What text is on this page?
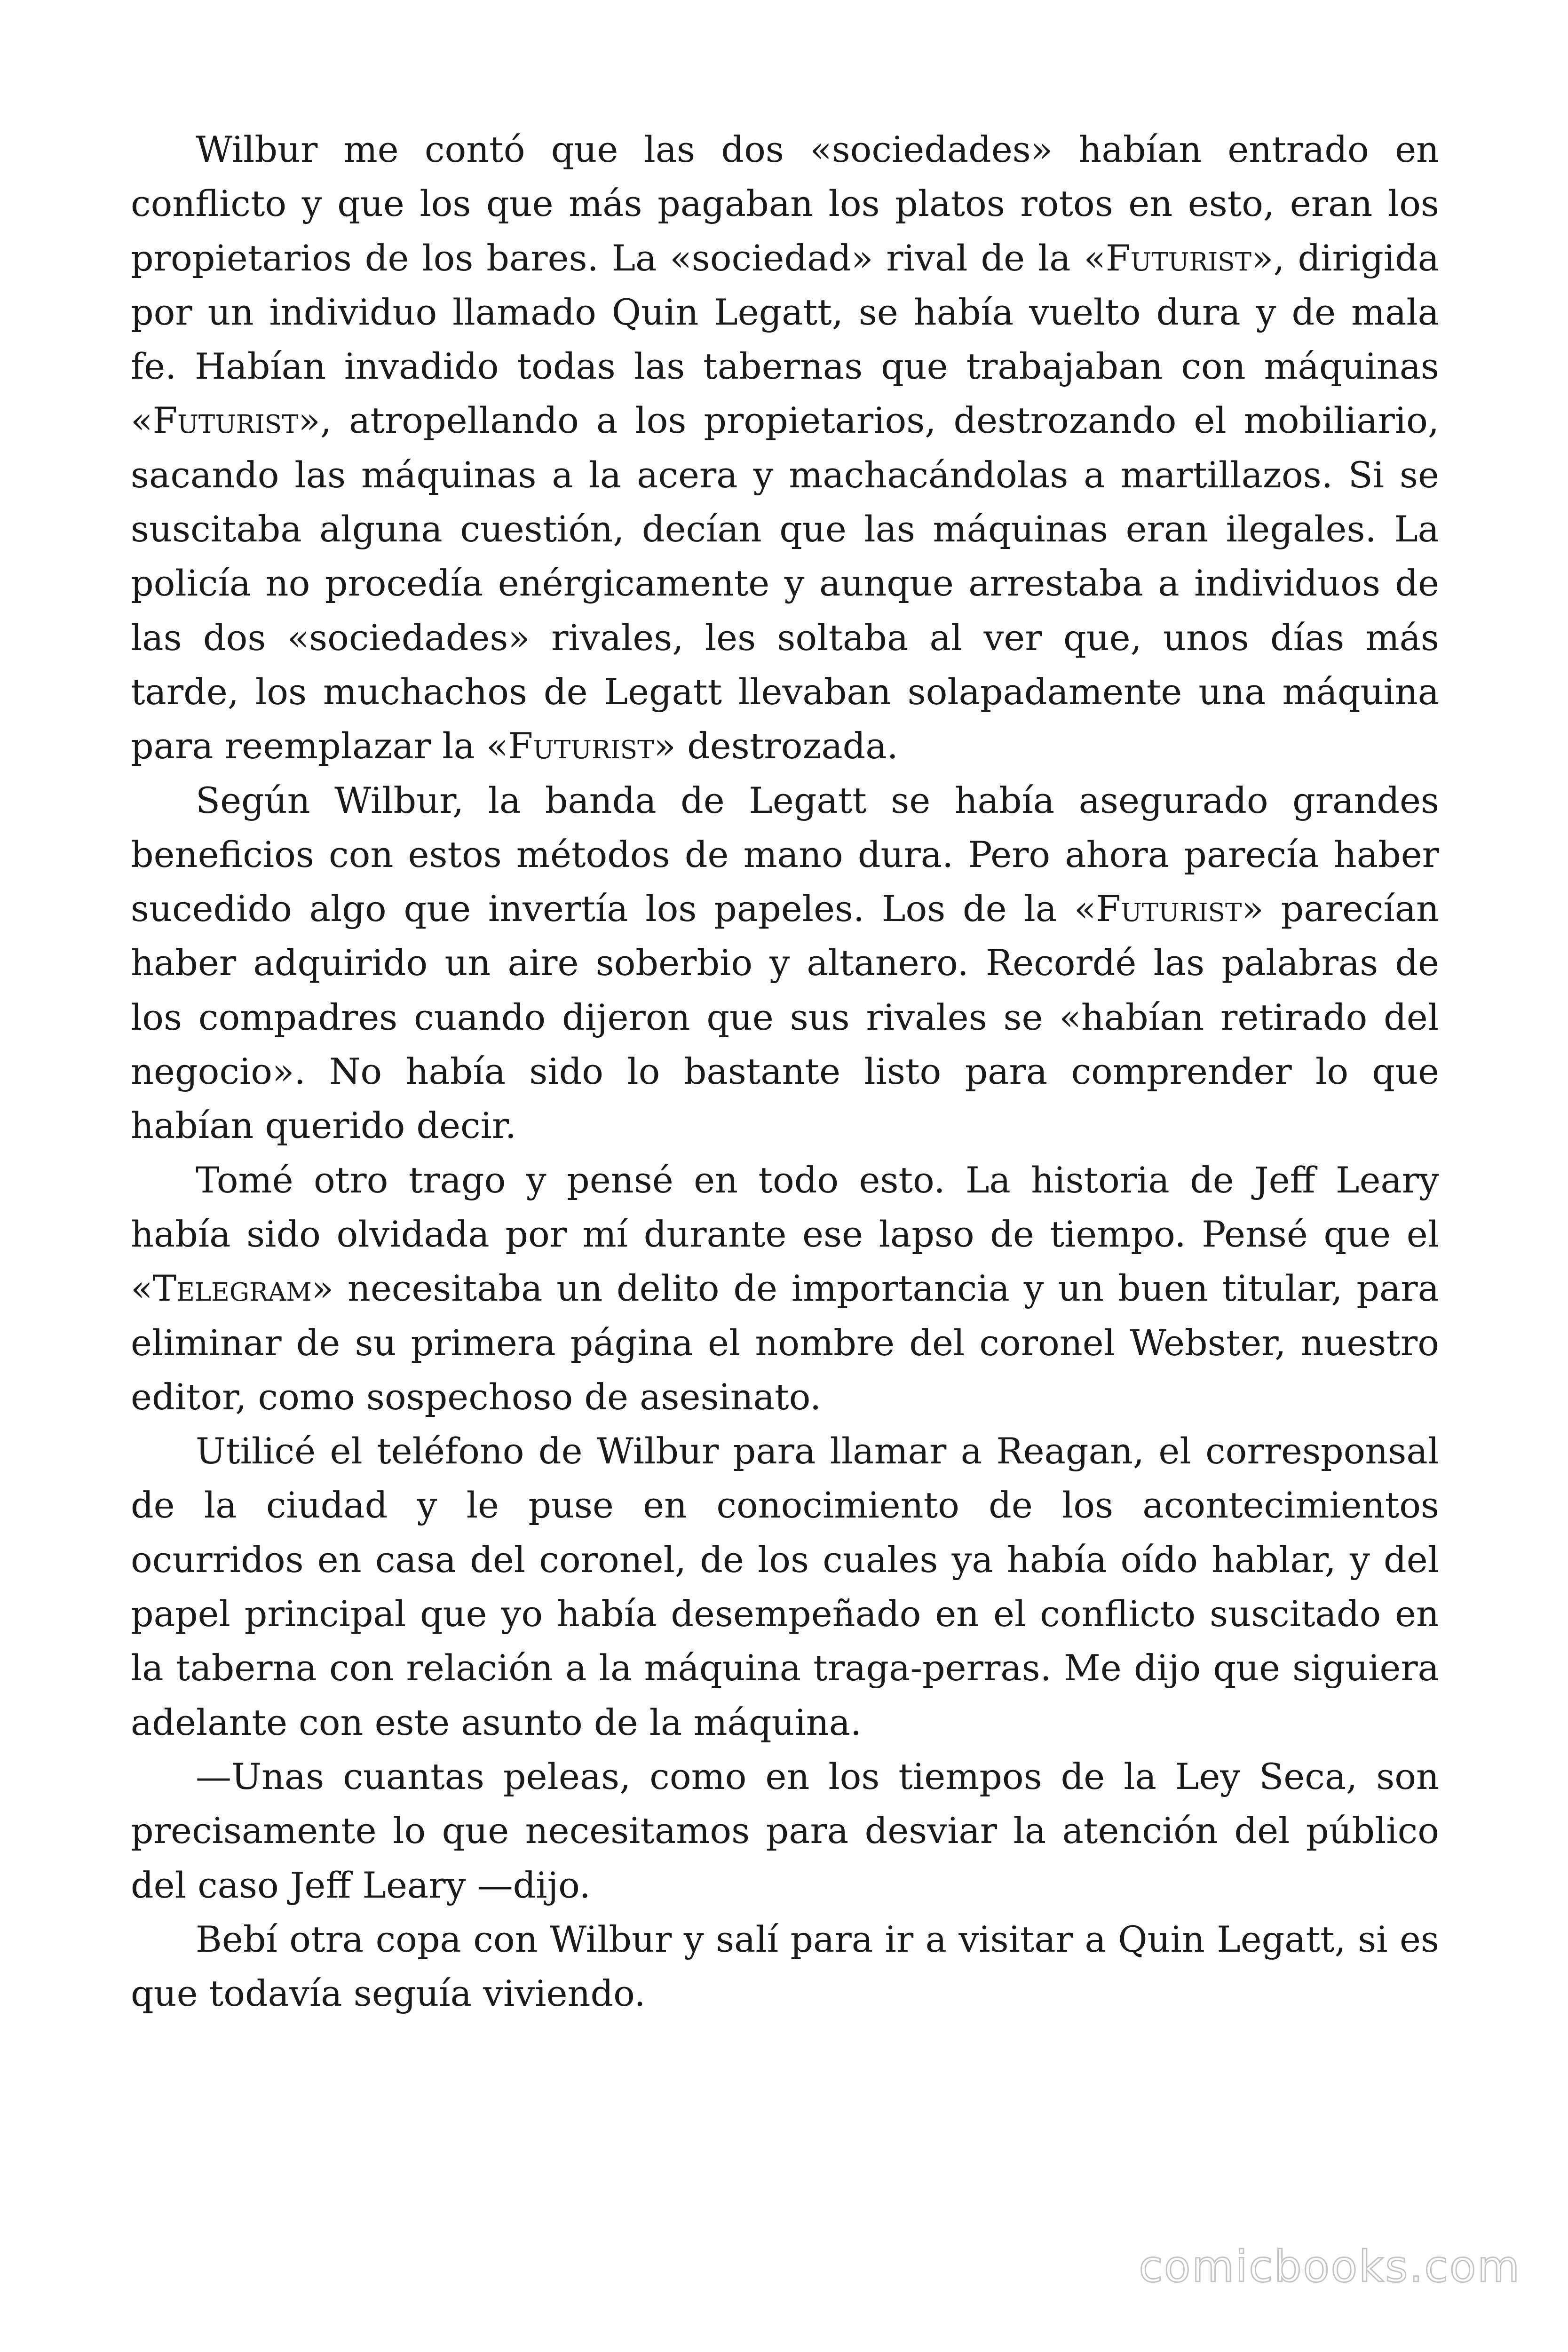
Wilbur me contó que las dos «sociedades» habían entrado en conflicto y que los que más pagaban los platos rotos en esto, eran los propietarios de los bares. La «sociedad» rival de la «Futurist», dirigida por un individuo llamado Quin Legatt, se había vuelto dura y de mala fe. Habían invadido todas las tabernas que trabajaban con máquinas «Futurist», atropellando a los propietarios, destrozando el mobiliario, sacando las máquinas a la acera y machacándolas a martillazos. Si se suscitaba alguna cuestión, decían que las máquinas eran ilegales. La policía no procedía enérgicamente y aunque arrestaba a individuos de las dos «sociedades» rivales, les soltaba al ver que, unos días más tarde, los muchachos de Legatt llevaban solapadamente una máquina para reemplazar la «Futurist» destrozada.

Según Wilbur, la banda de Legatt se había asegurado grandes beneficios con estos métodos de mano dura. Pero ahora parecía haber sucedido algo que invertía los papeles. Los de la «Futurist» parecían haber adquirido un aire soberbio y altanero. Recordé las palabras de los compadres cuando dijeron que sus rivales se «habían retirado del negocio». No había sido lo bastante listo para comprender lo que habían querido decir.

Tomé otro trago y pensé en todo esto. La historia de Jeff Leary había sido olvidada por mí durante ese lapso de tiempo. Pensé que el «Telegram» necesitaba un delito de importancia y un buen titular, para eliminar de su primera página el nombre del coronel Webster, nuestro editor, como sospechoso de asesinato.

Utilicé el teléfono de Wilbur para llamar a Reagan, el corresponsal de la ciudad y le puse en conocimiento de los acontecimientos ocurridos en casa del coronel, de los cuales ya había oído hablar, y del papel principal que yo había desempeñado en el conflicto suscitado en la taberna con relación a la máquina traga-perras. Me dijo que siguiera adelante con este asunto de la máquina.

—Unas cuantas peleas, como en los tiempos de la Ley Seca, son precisamente lo que necesitamos para desviar la atención del público del caso Jeff Leary —dijo.

Bebí otra copa con Wilbur y salí para ir a visitar a Quin Legatt, si es que todavía seguía viviendo.

comicbooks.com
